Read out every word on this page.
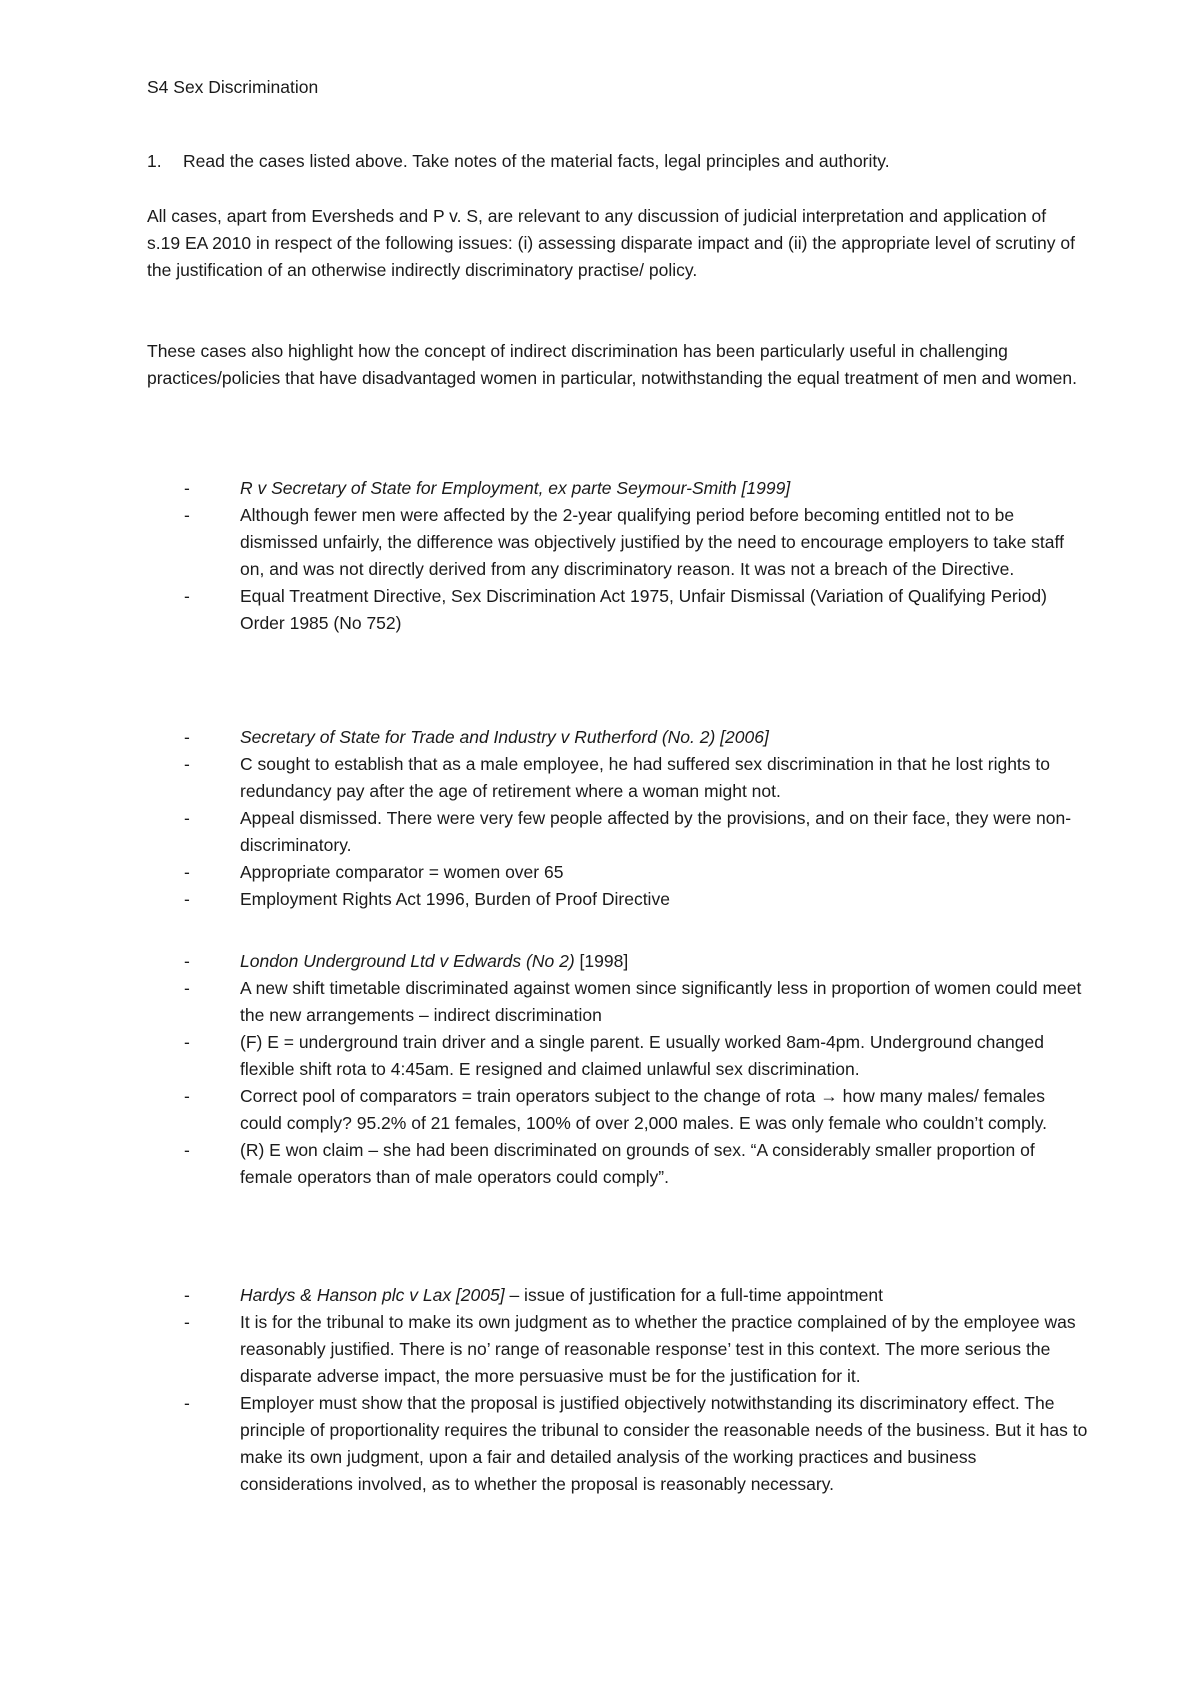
S4 Sex Discrimination

1.	Read the cases listed above. Take notes of the material facts, legal principles and authority.

All cases, apart from Eversheds and P v. S, are relevant to any discussion of judicial interpretation and application of s.19 EA 2010 in respect of the following issues: (i) assessing disparate impact and (ii) the appropriate level of scrutiny of the justification of an otherwise indirectly discriminatory practise/ policy.

These cases also highlight how the concept of indirect discrimination has been particularly useful in challenging practices/policies that have disadvantaged women in particular, notwithstanding the equal treatment of men and women.

-	R v Secretary of State for Employment, ex parte Seymour-Smith [1999]
-	Although fewer men were affected by the 2-year qualifying period before becoming entitled not to be dismissed unfairly, the difference was objectively justified by the need to encourage employers to take staff on, and was not directly derived from any discriminatory reason. It was not a breach of the Directive.
-	Equal Treatment Directive, Sex Discrimination Act 1975, Unfair Dismissal (Variation of Qualifying Period) Order 1985 (No 752)
-	Secretary of State for Trade and Industry v Rutherford (No. 2) [2006]
-	C sought to establish that as a male employee, he had suffered sex discrimination in that he lost rights to redundancy pay after the age of retirement where a woman might not.
-	Appeal dismissed. There were very few people affected by the provisions, and on their face, they were non-discriminatory.
-	Appropriate comparator = women over 65
-	Employment Rights Act 1996, Burden of Proof Directive
-	London Underground Ltd v Edwards (No 2) [1998]
-	A new shift timetable discriminated against women since significantly less in proportion of women could meet the new arrangements – indirect discrimination
-	(F) E = underground train driver and a single parent. E usually worked 8am-4pm. Underground changed flexible shift rota to 4:45am. E resigned and claimed unlawful sex discrimination.
-	Correct pool of comparators = train operators subject to the change of rota → how many males/ females could comply? 95.2% of 21 females, 100% of over 2,000 males. E was only female who couldn’t comply.
-	(R) E won claim – she had been discriminated on grounds of sex. “A considerably smaller proportion of female operators than of male operators could comply”.
-	Hardys & Hanson plc v Lax [2005] – issue of justification for a full-time appointment
-	It is for the tribunal to make its own judgment as to whether the practice complained of by the employee was reasonably justified. There is no’ range of reasonable response’ test in this context. The more serious the disparate adverse impact, the more persuasive must be for the justification for it.
-	Employer must show that the proposal is justified objectively notwithstanding its discriminatory effect. The principle of proportionality requires the tribunal to consider the reasonable needs of the business. But it has to make its own judgment, upon a fair and detailed analysis of the working practices and business considerations involved, as to whether the proposal is reasonably necessary.
